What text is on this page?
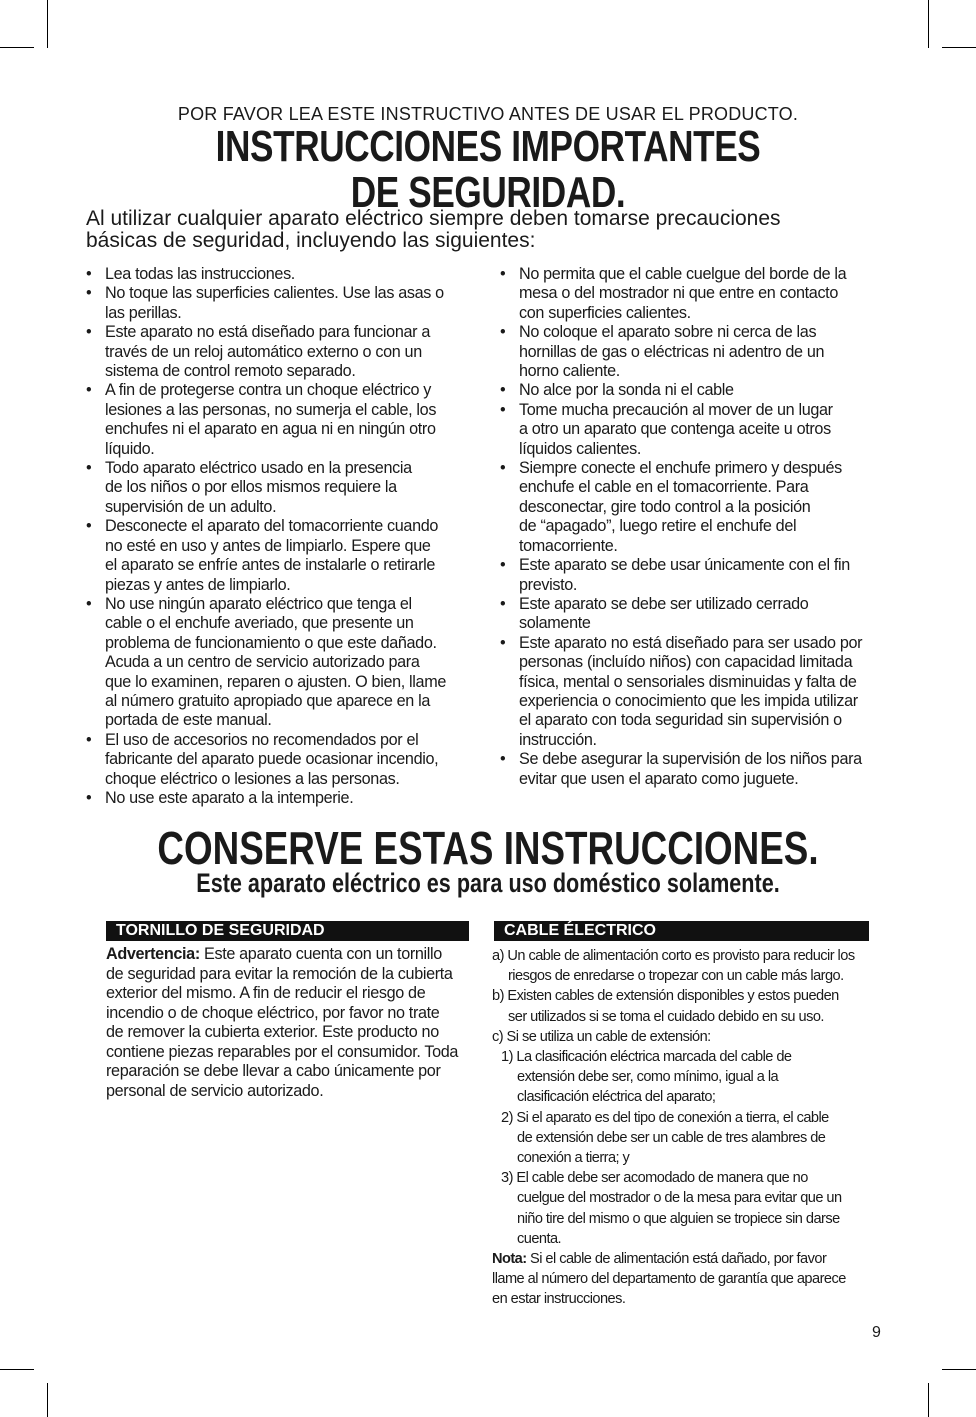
POR FAVOR LEA ESTE INSTRUCTIVO ANTES DE USAR EL PRODUCTO.
INSTRUCCIONES IMPORTANTES
DE SEGURIDAD.
Al utilizar cualquier aparato eléctrico siempre deben tomarse precauciones
básicas de seguridad, incluyendo las siguientes:
• Lea todas las instrucciones.
• No toque las superficies calientes. Use las asas o
las perillas.
• Este aparato no está diseñado para funcionar a
través de un reloj automático externo o con un
sistema de control remoto separado.
• A fin de protegerse contra un choque eléctrico y
lesiones a las personas, no sumerja el cable, los
enchufes ni el aparato en agua ni en ningún otro
líquido.
• Todo aparato eléctrico usado en la presencia
de los niños o por ellos mismos requiere la
supervisión de un adulto.
• Desconecte el aparato del tomacorriente cuando
no esté en uso y antes de limpiarlo. Espere que
el aparato se enfríe antes de instalarle o retirarle
piezas y antes de limpiarlo.
• No use ningún aparato eléctrico que tenga el
cable o el enchufe averiado, que presente un
problema de funcionamiento o que este dañado.
Acuda a un centro de servicio autorizado para
que lo examinen, reparen o ajusten. O bien, llame
al número gratuito apropiado que aparece en la
portada de este manual.
• El uso de accesorios no recomendados por el
fabricante del aparato puede ocasionar incendio,
choque eléctrico o lesiones a las personas.
• No use este aparato a la intemperie.
• No permita que el cable cuelgue del borde de la
mesa o del mostrador ni que entre en contacto
con superficies calientes.
• No coloque el aparato sobre ni cerca de las
hornillas de gas o eléctricas ni adentro de un
horno caliente.
• No alce por la sonda ni el cable
• Tome mucha precaución al mover de un lugar
a otro un aparato que contenga aceite u otros
líquidos calientes.
• Siempre conecte el enchufe primero y después
enchufe el cable en el tomacorriente. Para
desconectar, gire todo control a la posición
de “apagado”, luego retire el enchufe del
tomacorriente.
• Este aparato se debe usar únicamente con el fin
previsto.
• Este aparato se debe ser utilizado cerrado
solamente
• Este aparato no está diseñado para ser usado por
personas (incluído niños) con capacidad limitada
física, mental o sensoriales disminuidas y falta de
experiencia o conocimiento que les impida utilizar
el aparato con toda seguridad sin supervisión o
instrucción.
• Se debe asegurar la supervisión de los niños para
evitar que usen el aparato como juguete.
CONSERVE ESTAS INSTRUCCIONES.
Este aparato eléctrico es para uso doméstico solamente.
TORNILLO DE SEGURIDAD	CABLE ÉLECTRICO
Advertencia: Este aparato cuenta con un tornillo
de seguridad para evitar la remoción de la cubierta
exterior del mismo. A fin de reducir el riesgo de
incendio o de choque eléctrico, por favor no trate
de remover la cubierta exterior. Este producto no
contiene piezas reparables por el consumidor. Toda
reparación se debe llevar a cabo únicamente por
personal de servicio autorizado.
a) Un cable de alimentación corto es provisto para reducir los
riesgos de enredarse o tropezar con un cable más largo.
b) Existen cables de extensión disponibles y estos pueden
ser utilizados si se toma el cuidado debido en su uso.
c) Si se utiliza un cable de extensión:
1) La clasificación eléctrica marcada del cable de
extensión debe ser, como mínimo, igual a la
clasificación eléctrica del aparato;
2) Si el aparato es del tipo de conexión a tierra, el cable
de extensión debe ser un cable de tres alambres de
conexión a tierra; y
3) El cable debe ser acomodado de manera que no
cuelgue del mostrador o de la mesa para evitar que un
niño tire del mismo o que alguien se tropiece sin darse
cuenta.
Nota: Si el cable de alimentación está dañado, por favor
llame al número del departamento de garantía que aparece
en estar instrucciones.
9
